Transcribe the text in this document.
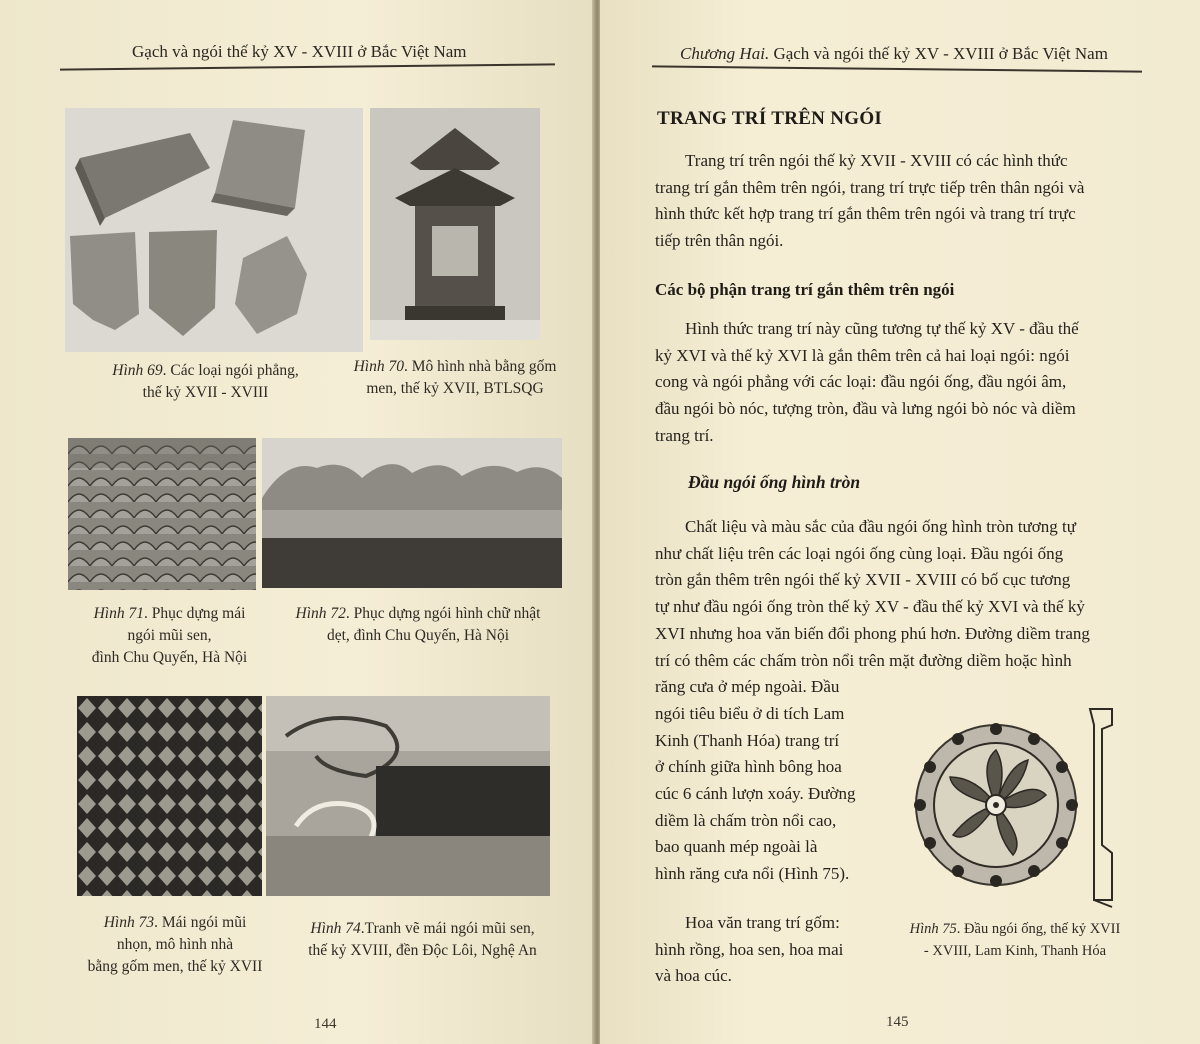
Gạch và ngói thế kỷ XV - XVIII ở Bắc Việt Nam
Hình 69. Các loại ngói phẳng,
thế kỷ XVII - XVIII
Hình 70. Mô hình nhà bằng gốm
men, thế kỷ XVII, BTLSQG
Hình 71. Phục dựng mái
ngói mũi sen,
đình Chu Quyến, Hà Nội
Hình 72. Phục dựng ngói hình chữ nhật
dẹt, đình Chu Quyến, Hà Nội
Hình 73. Mái ngói mũi
nhọn, mô hình nhà
bằng gốm men, thế kỷ XVII
Hình 74.Tranh vẽ mái ngói mũi sen,
thế kỷ XVIII, đền Độc Lôi, Nghệ An
144
Chương Hai. Gạch và ngói thế kỷ XV - XVIII ở Bắc Việt Nam
TRANG TRÍ TRÊN NGÓI
Trang trí trên ngói thế kỷ XVII - XVIII có các hình thức
trang trí gắn thêm trên ngói, trang trí trực tiếp trên thân ngói và
hình thức kết hợp trang trí gắn thêm trên ngói và trang trí trực
tiếp trên thân ngói.
Các bộ phận trang trí gắn thêm trên ngói
Hình thức trang trí này cũng tương tự thế kỷ XV - đầu thế
kỷ XVI và thế kỷ XVI là gắn thêm trên cả hai loại ngói: ngói
cong và ngói phẳng với các loại: đầu ngói ống, đầu ngói âm,
đầu ngói bò nóc, tượng tròn, đầu và lưng ngói bò nóc và diềm
trang trí.
Đầu ngói ống hình tròn
Chất liệu và màu sắc của đầu ngói ống hình tròn tương tự
như chất liệu trên các loại ngói ống cùng loại. Đầu ngói ống
tròn gắn thêm trên ngói thế kỷ XVII - XVIII có bố cục tương
tự như đầu ngói ống tròn thế kỷ XV - đầu thế kỷ XVI và thế kỷ
XVI nhưng hoa văn biến đổi phong phú hơn. Đường diềm trang
trí có thêm các chấm tròn nổi trên mặt đường diềm hoặc hình
răng cưa ở mép ngoài. Đầu
ngói tiêu biểu ở di tích Lam
Kinh (Thanh Hóa) trang trí
ở chính giữa hình bông hoa
cúc 6 cánh lượn xoáy. Đường
diềm là chấm tròn nổi cao,
bao quanh mép ngoài là
hình răng cưa nổi (Hình 75).
Hoa văn trang trí gốm:
hình rồng, hoa sen, hoa mai
và hoa cúc.
Hình 75. Đầu ngói ống, thế kỷ XVII
- XVIII, Lam Kinh, Thanh Hóa
145
